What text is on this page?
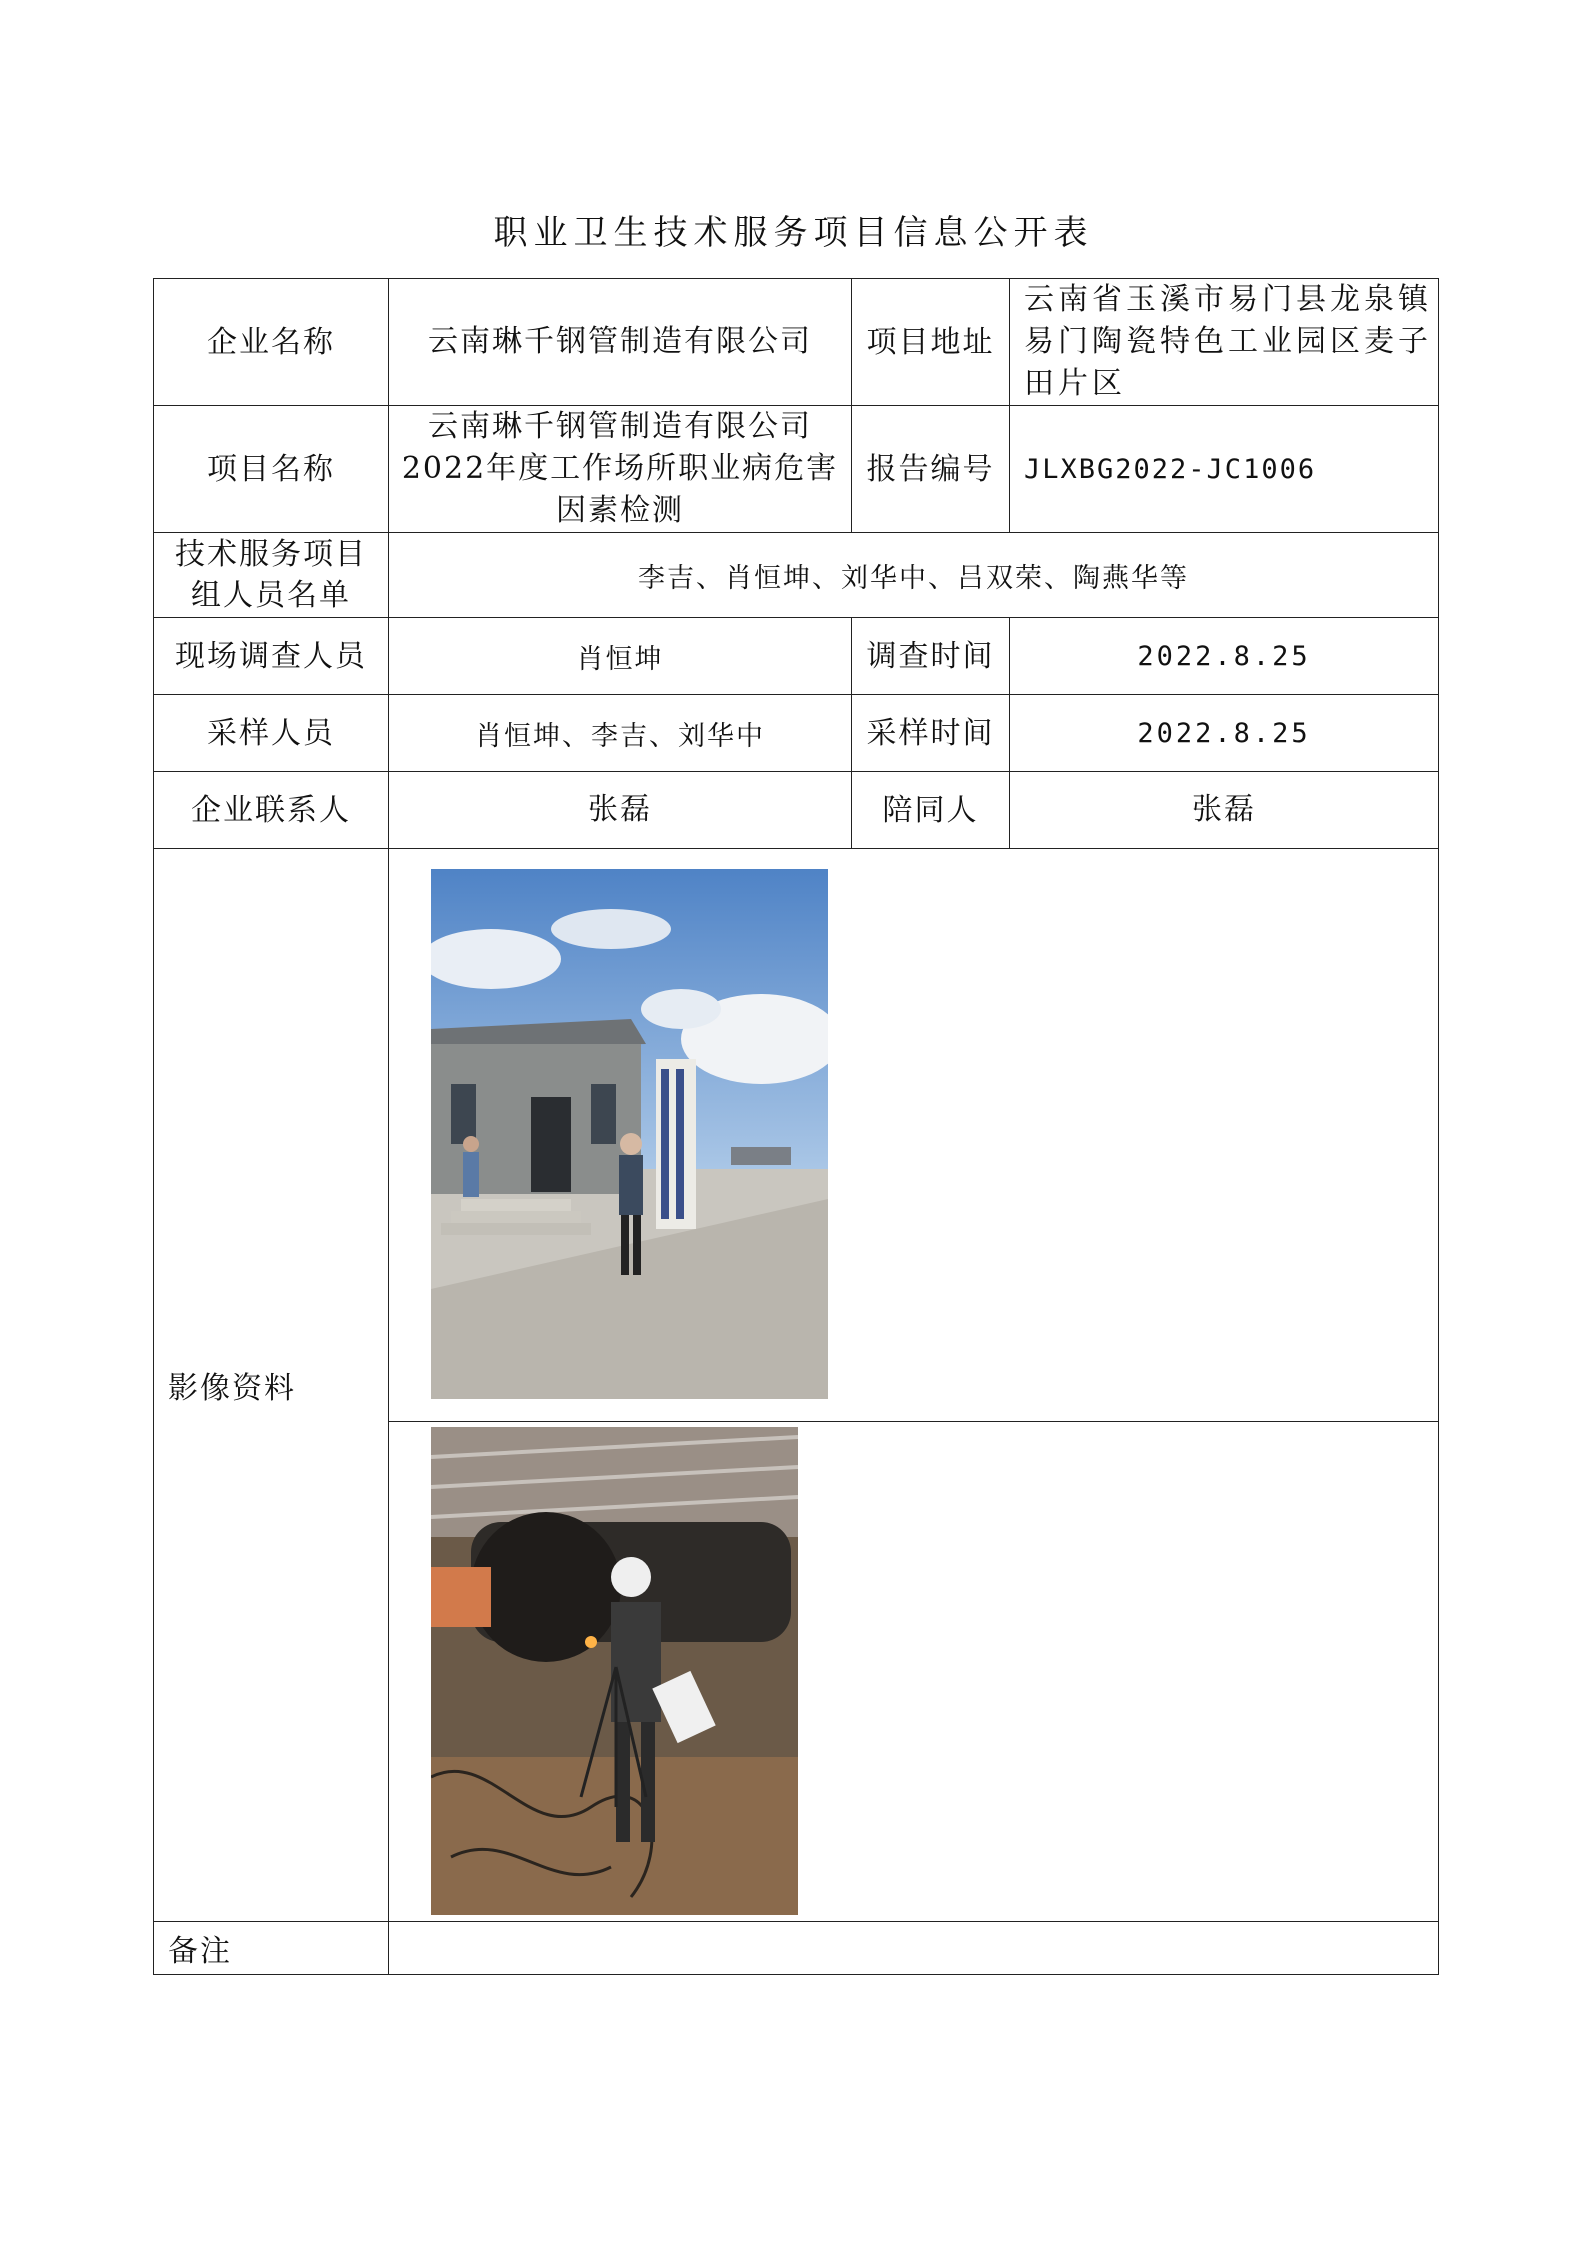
职业卫生技术服务项目信息公开表
企业名称	云南琳千钢管制造有限公司	项目地址	云南省玉溪市易门县龙泉镇易门陶瓷特色工业园区麦子田片区
项目名称	云南琳千钢管制造有限公司2022年度工作场所职业病危害因素检测	报告编号	JLXBG2022-JC1006
技术服务项目组人员名单	李吉、肖恒坤、刘华中、吕双荣、陶燕华等		
现场调查人员	肖恒坤	调查时间	2022.8.25
采样人员	肖恒坤、李吉、刘华中	采样时间	2022.8.25
企业联系人	张磊	陪同人	张磊
影像资料	

备注			
